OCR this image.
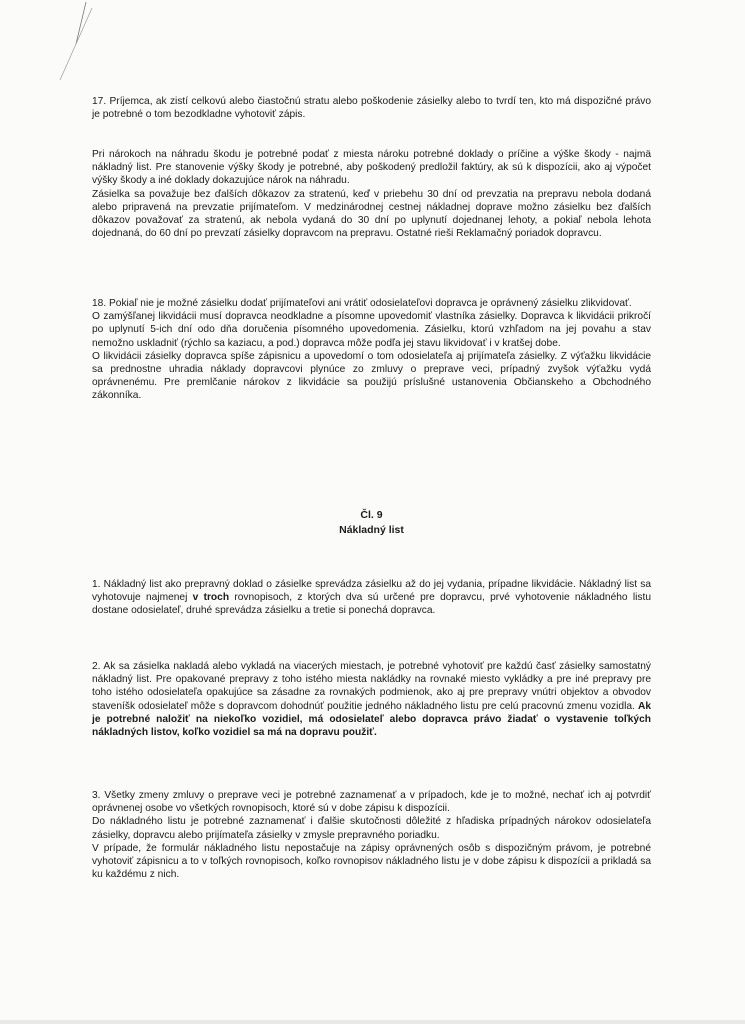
17. Príjemca, ak zistí celkovú alebo čiastočnú stratu alebo poškodenie zásielky alebo to tvrdí ten, kto má dispozičné právo je potrebné o tom bezodkladne vyhotoviť zápis.

Pri nárokoch na náhradu škodu je potrebné podať z miesta nároku potrebné doklady o príčine a výške škody - najmä nákladný list. Pre stanovenie výšky škody je potrebné, aby poškodený predložil faktúry, ak sú k dispozícii, ako aj výpočet výšky škody a iné doklady dokazujúce nárok na náhradu.

Zásielka sa považuje bez ďalších dôkazov za stratenú, keď v priebehu 30 dní od prevzatia na prepravu nebola dodaná alebo pripravená na prevzatie prijímateľom. V medzinárodnej cestnej nákladnej doprave možno zásielku bez ďalších dôkazov považovať za stratenú, ak nebola vydaná do 30 dní po uplynutí dojednanej lehoty, a pokiaľ nebola lehota dojednaná, do 60 dní po prevzatí zásielky dopravcom na prepravu. Ostatné rieši Reklamačný poriadok dopravcu.

18. Pokiaľ nie je možné zásielku dodať prijímateľovi ani vrátiť odosielateľovi dopravca je oprávnený zásielku zlikvidovať.

O zamýšľanej likvidácii musí dopravca neodkladne a písomne upovedomiť vlastníka zásielky. Dopravca k likvidácii prikročí po uplynutí 5-ich dní odo dňa doručenia písomného upovedomenia. Zásielku, ktorú vzhľadom na jej povahu a stav nemožno uskladniť (rýchlo sa kaziacu, a pod.) dopravca môže podľa jej stavu likvidovať i v kratšej dobe.

O likvidácii zásielky dopravca spíše zápisnicu a upovedomí o tom odosielateľa aj prijímateľa zásielky. Z výťažku likvidácie sa prednostne uhradia náklady dopravcovi plynúce zo zmluvy o preprave veci, prípadný zvyšok výťažku vydá oprávnenému. Pre premlčanie nárokov z likvidácie sa použijú príslušné ustanovenia Občianskeho a Obchodného zákonníka.

Čl. 9
Nákladný list

1. Nákladný list ako prepravný doklad o zásielke sprevádza zásielku až do jej vydania, prípadne likvidácie. Nákladný list sa vyhotovuje najmenej v troch rovnopisoch, z ktorých dva sú určené pre dopravcu, prvé vyhotovenie nákladného listu dostane odosielateľ, druhé sprevádza zásielku a tretie si ponechá dopravca.

2. Ak sa zásielka nakladá alebo vykladá na viacerých miestach, je potrebné vyhotoviť pre každú časť zásielky samostatný nákladný list. Pre opakované prepravy z toho istého miesta nakládky na rovnaké miesto vykládky a pre iné prepravy pre toho istého odosielateľa opakujúce sa zásadne za rovnakých podmienok, ako aj pre prepravy vnútri objektov a obvodov staveníšk odosielateľ môže s dopravcom dohodnúť použitie jedného nákladného listu pre celú pracovnú zmenu vozidla. Ak je potrebné naložiť na niekoľko vozidiel, má odosielateľ alebo dopravca právo žiadať o vystavenie toľkých nákladných listov, koľko vozidiel sa má na dopravu použiť.

3. Všetky zmeny zmluvy o preprave veci je potrebné zaznamenať a v prípadoch, kde je to možné, nechať ich aj potvrdiť oprávnenej osobe vo všetkých rovnopisoch, ktoré sú v dobe zápisu k dispozícii.

Do nákladného listu je potrebné zaznamenať i ďalšie skutočnosti dôležité z hľadiska prípadných nárokov odosielateľa zásielky, dopravcu alebo prijímateľa zásielky v zmysle prepravného poriadku.

V prípade, že formulár nákladného listu nepostačuje na zápisy oprávnených osôb s dispozičným právom, je potrebné vyhotoviť zápisnicu a to v toľkých rovnopisoch, koľko rovnopisov nákladného listu je v dobe zápisu k dispozícii a prikladá sa ku každému z nich.
